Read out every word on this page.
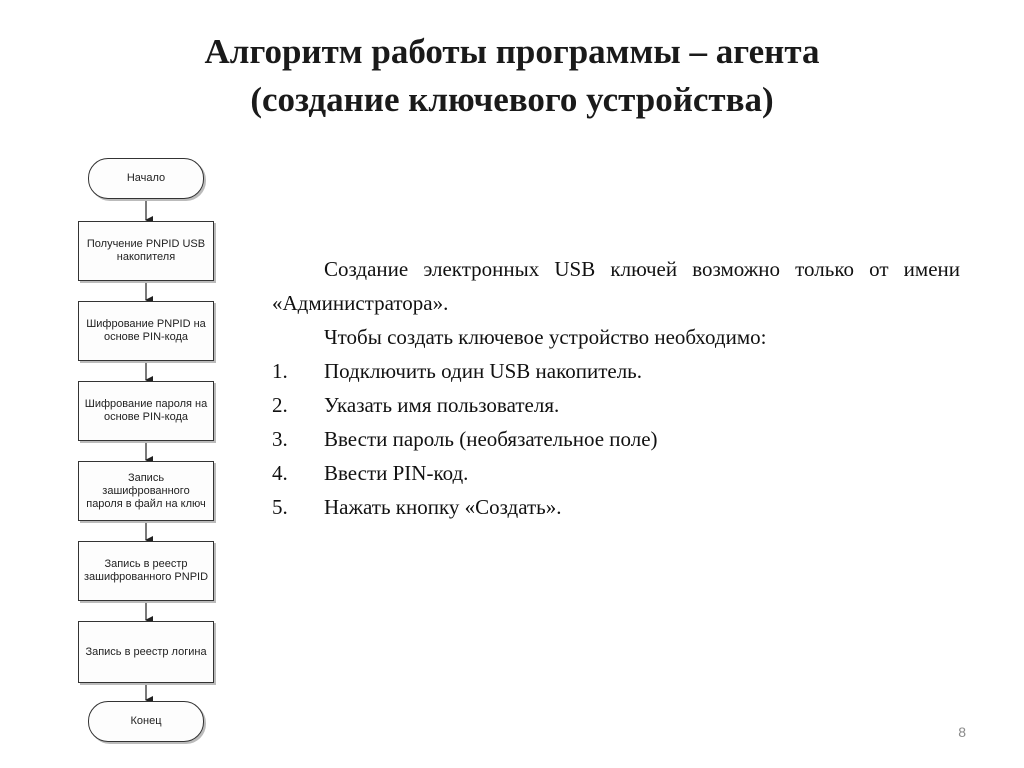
Алгоритм работы программы – агента
(создание ключевого устройства)
Начало
Получение PNPID USB накопителя
Шифрование PNPID на основе PIN-кода
Шифрование пароля на основе PIN-кода
Запись зашифрованного пароля в файл на ключ
Запись в реестр зашифрованного PNPID
Запись в реестр логина
Конец

Создание электронных USB ключей возможно только от имени «Администратора».

Чтобы создать ключевое устройство необходимо:

1.	Подключить один USB накопитель.
2.	Указать имя пользователя.
3.	Ввести пароль (необязательное поле)
4.	Ввести PIN-код.
5.	Нажать кнопку «Создать».
8
